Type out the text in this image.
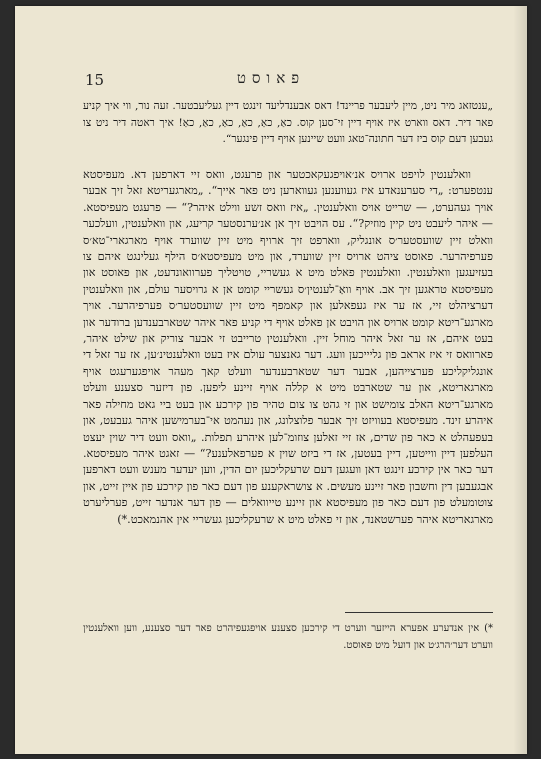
15	פאוסט

„ענטזאג מיר ניט, מיין ליעבער פריינד! דאס אבענדליעד זינגט דיין געליעבטער. זעה נור, ווי איך קניע פאר דיר. דאס ווארט איז אויף דיין זי־סען קוס. כאַ, כאַ, כאַ, כאַ, כאַ, כאַ! איך ראטה דיר ניט צו געבען דעם קוס ביז דער חתונה־טאג וועט שיינען אויף דיין פינגער“.

וואלענטין לויפט ארויס אנ׳אויפגעקאכטער און פרעגט, וואס זיי דארפען דא. מעפיסטא ענטפערט: „די סערענאדע איז געווענען געווארען ניט פאר אייך“. „מארגעריטא זאל זיך אבער אויך געהערט, — שרייט אויס וואלענטין. „איז וואס זשע ווילט איהר?“ — פרעגט מעפיסטא. — איהר ליעבט ניט קיין מוזיק?“. עס הויבט זיך אן אנ׳ערנסטער קריעג, און וואלענטין, וועלכער וואלט זיין שוועסטער׳ס אונגליק, ווארפט זיך ארויף מיט זיין שווערד אויף מארגארי־טא׳ס פערפיהרער. פאוסט ציהט ארויס זיין שווערד, און מיט מעפיסטא׳ס הילף געלינגט איהם צו בעזיעגען וואלענטין. וואלענטין פאלט מיט א געשריי, טויטליך פערוואונדעט, און פאוסט און מעפיסטא טראגען זיך אב. אויף וואַ־לענטין׳ס געשריי קומט אן א גרויסער עולם, און וואלענטין דערציהלט זיי, אז ער איז געפאלען און קאמפף מיט זיין שוועסטער׳ס פערפיהרער. אויך מארגע־ריטא קומט ארויס און הויבט אן פאלט אויף די קניע פאר איהר שטארבענדען ברודער און בעט איהם, אז ער זאל איהר מוחל זיין. וואלענטין טרייבט זי אבער צוריק און שילט איהר, פארוואס זי איז אראב פון גליייכען וועג. דער גאנצער עולם איז בעט וואלענטינ׳ען, אז ער זאל די אונגליקליכע פערצייהען, אבער דער שטארבענדער וועלט קאך מעהר אויפגערעגט אויף מארגאריטא, און ער שטארבט מיט א קללה אויף זיינע ליפען. פון דיזער סצענע וועלט מארגע־ריטא האלב צומישט און זי גהט צו צום טהיר פון קירכע און בעט ביי גאט מחילה פאר איהרע זינד. מעפיסטא בעוויזט זיך אבער פלוצלונג, און נעהמט אי־בערמישען איהר געבעט, און בעפעהלט א כאר פון שדים, אז זיי זאלען צוזומ־לען איהרע תפלות. „וואס וועט דיר שוין יעצט העלפען דיין ווייטען, דיין בעטען, אז די ביזט שוין א פערפאלענע?“ — זאגט איהר מעפיסטא. דער כאר אין קירכע זינגט דאן וועגען דעם שרעקליכען יום הדין, ווען יעדער מענש וועט דארפען אבגעבען דין וחשבון פאר זיינע מעשים. א צושראקענע פון דעם כאר פון קירכע פון איין זייט, און צוטומעלט פון דעם כאר פון מעפיסטא און זיינע טייוואלים — פון דער אנדער זייט, פערליערט מארגאריטא איהר פערשטאנד, און זי פאלט מיט א שרעקליכען געשריי אין אהנמאכט.*)

*) אין אנדערע אפערא הייזער ווערט די קירכען סצענע אויפגעפיהרט פאר דער סצענע, ווען וואלענטין ווערט דער׳הרג׳ט און דועל מיט פאוסט.
